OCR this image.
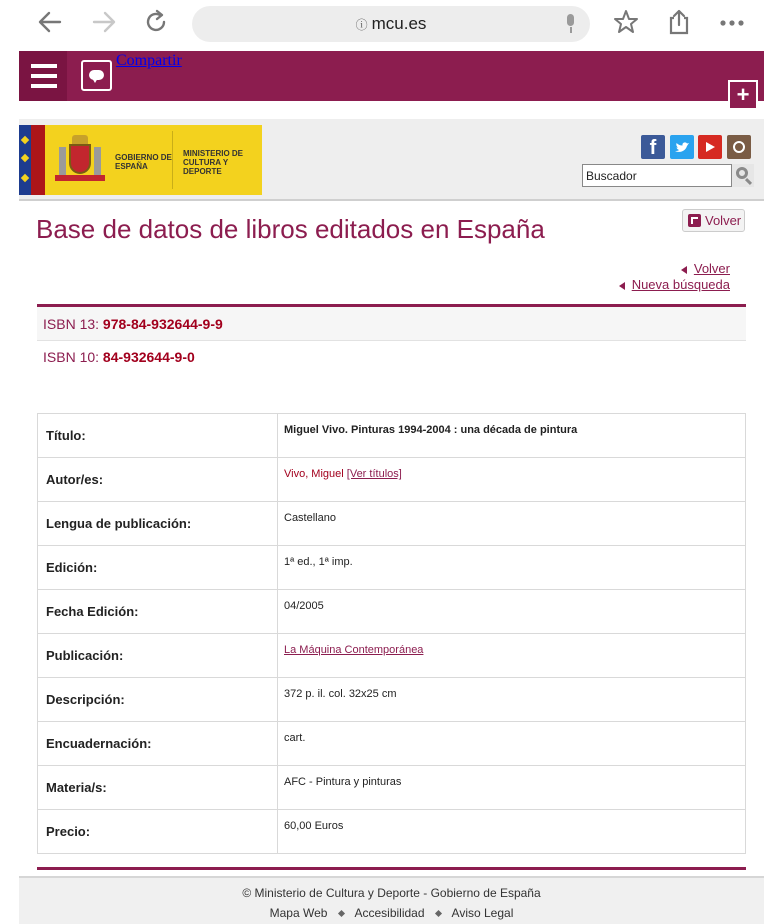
ⓘ mcu.es
Compartir
+
GOBIERNO DE ESPAÑA
MINISTERIO DE CULTURA Y DEPORTE
f
Buscador
Base de datos de libros editados en España	Volver
Volver
Nueva búsqueda
ISBN 13: 978-84-932644-9-9
ISBN 10: 84-932644-9-0
Título:	Miguel Vivo. Pinturas 1994-2004 : una década de pintura
Autor/es:	Vivo, Miguel [Ver títulos]
Lengua de publicación:	Castellano
Edición:	1ª ed., 1ª imp.
Fecha Edición:	04/2005
Publicación:	La Máquina Contemporánea
Descripción:	372 p. il. col. 32x25 cm
Encuadernación:	cart.
Materia/s:	AFC - Pintura y pinturas
Precio:	60,00 Euros
© Ministerio de Cultura y Deporte - Gobierno de España
Mapa Web Accesibilidad Aviso Legal
